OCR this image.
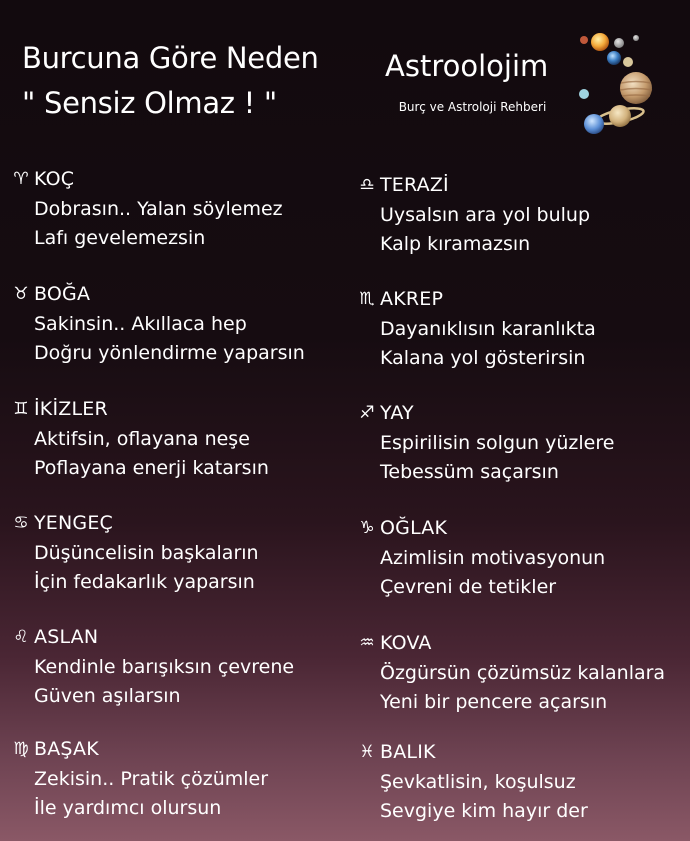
Burcuna Göre Neden
" Sensiz Olmaz ! "
Astroolojim
Burç ve Astroloji Rehberi
♈︎ KOÇ
Dobrasın.. Yalan söylemez
Lafı gevelemezsin
♉︎ BOĞA
Sakinsin.. Akıllaca hep
Doğru yönlendirme yaparsın
♊︎ İKİZLER
Aktifsin, oflayana neşe
Poflayana enerji katarsın
♋︎ YENGEÇ
Düşüncelisin başkaların
İçin fedakarlık yaparsın
♌︎ ASLAN
Kendinle barışıksın çevrene
Güven aşılarsın
♍︎ BAŞAK
Zekisin.. Pratik çözümler
İle yardımcı olursun
♎︎ TERAZİ
Uysalsın ara yol bulup
Kalp kıramazsın
♏︎ AKREP
Dayanıklısın karanlıkta
Kalana yol gösterirsin
♐︎ YAY
Espirilisin solgun yüzlere
Tebessüm saçarsın
♑︎ OĞLAK
Azimlisin motivasyonun
Çevreni de tetikler
♒︎ KOVA
Özgürsün çözümsüz kalanlara
Yeni bir pencere açarsın
♓︎ BALIK
Şevkatlisin, koşulsuz
Sevgiye kim hayır der
